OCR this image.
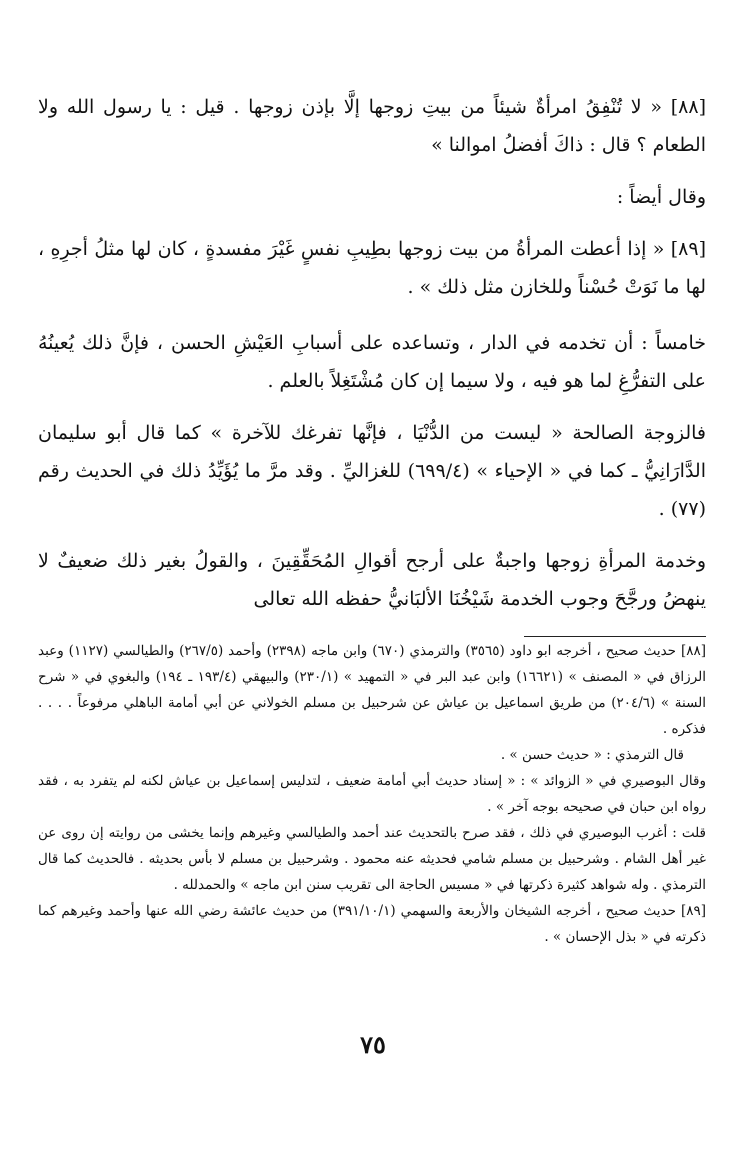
[٨٨] « لا تُنْفِقُ امرأةٌ شيئاً من بيتِ زوجها إلَّا بإذن زوجها . قيل : يا رسول الله ولا الطعام ؟ قال : ذاكَ أفضلُ اموالنا »

وقال أيضاً :

[٨٩] « إذا أعطت المرأةُ من بيت زوجها بطِيبِ نفسٍ غَيْرَ مفسدةٍ ، كان لها مثلُ أجرِهِ ، لها ما نَوَتْ حُسْناً وللخازن مثل ذلك » .

خامساً : أن تخدمه في الدار ، وتساعده على أسبابِ العَيْشِ الحسن ، فإنَّ ذلك يُعينُهُ على التفرُّغِ لما هو فيه ، ولا سيما إن كان مُشْتَغِلاً بالعلم .

فالزوجة الصالحة « ليست من الدُّنْيَا ، فإنَّها تفرغك للآخرة » كما قال أبو سليمان الدَّارَانِيُّ ـ كما في « الإحياء » (٦٩٩/٤) للغزاليِّ . وقد مرَّ ما يُؤَيِّدُ ذلك في الحديث رقم (٧٧) .

وخدمة المرأةِ زوجها واجبةٌ على أرجح أقوالِ المُحَقِّقِينَ ، والقولُ بغير ذلك ضعيفٌ لا ينهضُ ورجَّحَ وجوب الخدمة شَيْخُنَا الألبَانيُّ حفظه الله تعالى

[٨٨] حديث صحيح ، أخرجه ابو داود (٣٥٦٥) والترمذي (٦٧٠) وابن ماجه (٢٣٩٨) وأحمد (٢٦٧/٥) والطيالسي (١١٢٧) وعبد الرزاق في « المصنف » (١٦٦٢١) وابن عبد البر في « التمهيد » (٢٣٠/١) والبيهقي (١٩٣/٤ ـ ١٩٤) والبغوي في « شرح السنة » (٢٠٤/٦) من طريق اسماعيل بن عياش عن شرحبيل بن مسلم الخولاني عن أبي أمامة الباهلي مرفوعاً . . . . فذكره .

قال الترمذي : « حديث حسن » .

وقال البوصيري في « الزوائد » : « إسناد حديث أبي أمامة ضعيف ، لتدليس إسماعيل بن عياش لكنه لم يتفرد به ، فقد رواه ابن حبان في صحيحه بوجه آخر » .

قلت : أغرب البوصيري في ذلك ، فقد صرح بالتحديث عند أحمد والطيالسي وغيرهم وإنما يخشى من روايته إن روى عن غير أهل الشام . وشرحبيل بن مسلم شامي فحديثه عنه محمود . وشرحبيل بن مسلم لا بأس بحديثه . فالحديث كما قال الترمذي . وله شواهد كثيرة ذكرتها في « مسيس الحاجة الى تقريب سنن ابن ماجه » والحمدلله .

[٨٩] حديث صحيح ، أخرجه الشيخان والأربعة والسهمي (٣٩١/١٠/١) من حديث عائشة رضي الله عنها وأحمد وغيرهم كما ذكرته في « بذل الإحسان » .

٧٥
